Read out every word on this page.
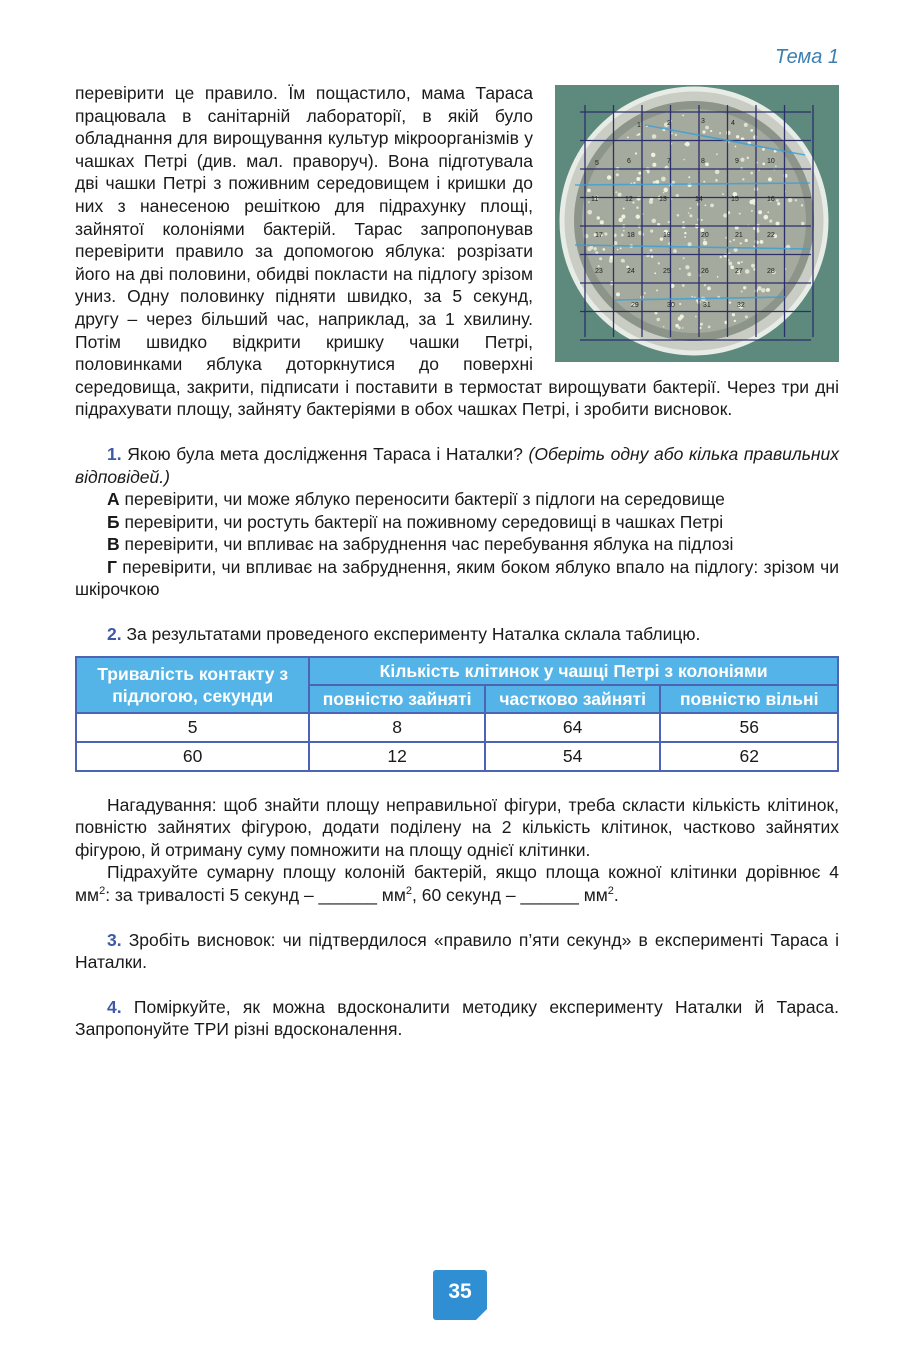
Тема 1
1	2	3	4
5	6	7	8	9	10
11	12	13	14	15	16
17	18	19	20	21	22
23	24	25	26	27	28
29	30	31	32

перевірити це правило. Їм пощастило, мама Тараса працювала в санітарній лабораторії, в якій було обладнання для вирощування культур мікроорганізмів у чашках Петрі (див. мал. праворуч). Вона підготувала дві чашки Петрі з поживним середовищем і кришки до них з нанесеною решіткою для підрахунку площі, зайнятої колоніями бактерій. Тарас запропонував перевірити правило за допомогою яблука: розрізати його на дві половини, обидві покласти на підлогу зрізом униз. Одну половинку підняти швидко, за 5 секунд, другу – через більший час, наприклад, за 1 хвилину. Потім швидко відкрити кришку чашки Петрі, половинками яблука доторкнутися до поверхні середовища, закрити, підписати і поставити в термостат вирощувати бактерії. Через три дні підрахувати площу, зайняту бактеріями в обох чашках Петрі, і зробити висновок.

1. Якою була мета дослідження Тараса і Наталки? (Оберіть одну або кілька правильних відповідей.)

А перевірити, чи може яблуко переносити бактерії з підлоги на середовище

Б перевірити, чи ростуть бактерії на поживному середовищі в чашках Петрі

В перевірити, чи впливає на забруднення час перебування яблука на підлозі

Г перевірити, чи впливає на забруднення, яким боком яблуко впало на підлогу: зрізом чи шкірочкою

2. За результатами проведеного експерименту Наталка склала таблицю.

Тривалість контакту з підлогою, секунди	Кількість клітинок у чашці Петрі з колоніями		
	повністю зайняті	частково зайняті	повністю вільні
5	8	64	56
60	12	54	62

Нагадування: щоб знайти площу неправильної фігури, треба скласти кількість клітинок, повністю зайнятих фігурою, додати поділену на 2 кількість клітинок, частково зайнятих фігурою, й отриману суму помножити на площу однієї клітинки.

Підрахуйте сумарну площу колоній бактерій, якщо площа кожної клітинки дорівнює 4 $мм^2$: за тривалості 5 секунд – ______ $мм^2$, 60 секунд – ______ $мм^2$.

3. Зробіть висновок: чи підтвердилося «правило п’яти секунд» в експерименті Тараса і Наталки.

4. Поміркуйте, як можна вдосконалити методику експерименту Наталки й Тараса. Запропонуйте ТРИ різні вдосконалення.

35
